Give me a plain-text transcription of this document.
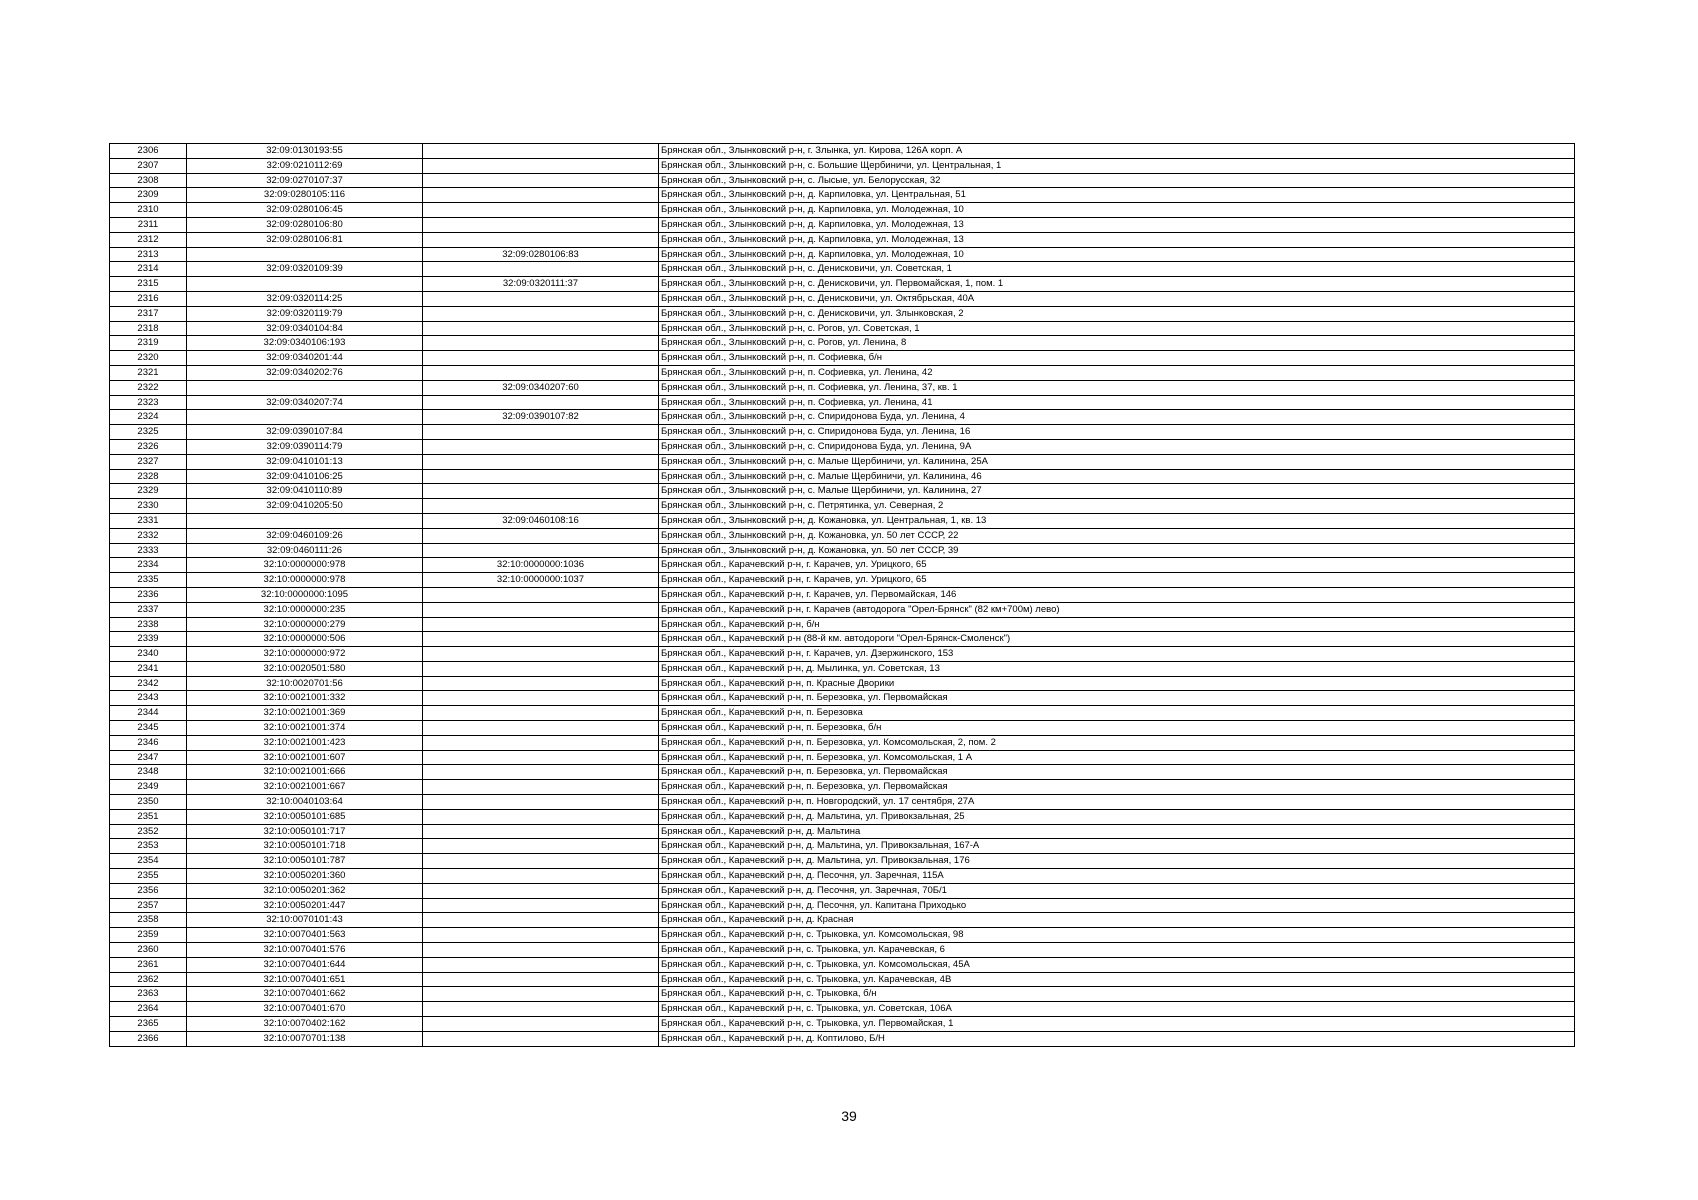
2306	32:09:0130193:55		Брянская обл., Злынковский р-н, г. Злынка, ул. Кирова, 126А корп. А
2307	32:09:0210112:69		Брянская обл., Злынковский р-н, с. Большие Щербиничи, ул. Центральная, 1
2308	32:09:0270107:37		Брянская обл., Злынковский р-н, с. Лысые, ул. Белорусская, 32
2309	32:09:0280105:116		Брянская обл., Злынковский р-н, д. Карпиловка, ул. Центральная, 51
2310	32:09:0280106:45		Брянская обл., Злынковский р-н, д. Карпиловка, ул. Молодежная, 10
2311	32:09:0280106:80		Брянская обл., Злынковский р-н, д. Карпиловка, ул. Молодежная, 13
2312	32:09:0280106:81		Брянская обл., Злынковский р-н, д. Карпиловка, ул. Молодежная, 13
2313		32:09:0280106:83	Брянская обл., Злынковский р-н, д. Карпиловка, ул. Молодежная, 10
2314	32:09:0320109:39		Брянская обл., Злынковский р-н, с. Денисковичи, ул. Советская, 1
2315		32:09:0320111:37	Брянская обл., Злынковский р-н, с. Денисковичи, ул. Первомайская, 1, пом. 1
2316	32:09:0320114:25		Брянская обл., Злынковский р-н, с. Денисковичи, ул. Октябрьская, 40А
2317	32:09:0320119:79		Брянская обл., Злынковский р-н, с. Денисковичи, ул. Злынковская, 2
2318	32:09:0340104:84		Брянская обл., Злынковский р-н, с. Рогов, ул. Советская, 1
2319	32:09:0340106:193		Брянская обл., Злынковский р-н, с. Рогов, ул. Ленина, 8
2320	32:09:0340201:44		Брянская обл., Злынковский р-н, п. Софиевка, б/н
2321	32:09:0340202:76		Брянская обл., Злынковский р-н, п. Софиевка, ул. Ленина, 42
2322		32:09:0340207:60	Брянская обл., Злынковский р-н, п. Софиевка, ул. Ленина, 37, кв. 1
2323	32:09:0340207:74		Брянская обл., Злынковский р-н, п. Софиевка, ул. Ленина, 41
2324		32:09:0390107:82	Брянская обл., Злынковский р-н, с. Спиридонова Буда, ул. Ленина, 4
2325	32:09:0390107:84		Брянская обл., Злынковский р-н, с. Спиридонова Буда, ул. Ленина, 16
2326	32:09:0390114:79		Брянская обл., Злынковский р-н, с. Спиридонова Буда, ул. Ленина, 9А
2327	32:09:0410101:13		Брянская обл., Злынковский р-н, с. Малые Щербиничи, ул. Калинина, 25А
2328	32:09:0410106:25		Брянская обл., Злынковский р-н, с. Малые Щербиничи, ул. Калинина, 46
2329	32:09:0410110:89		Брянская обл., Злынковский р-н, с. Малые Щербиничи, ул. Калинина, 27
2330	32:09:0410205:50		Брянская обл., Злынковский р-н, с. Петрятинка, ул. Северная, 2
2331		32:09:0460108:16	Брянская обл., Злынковский р-н, д. Кожановка, ул. Центральная, 1, кв. 13
2332	32:09:0460109:26		Брянская обл., Злынковский р-н, д. Кожановка, ул. 50 лет СССР, 22
2333	32:09:0460111:26		Брянская обл., Злынковский р-н, д. Кожановка, ул. 50 лет СССР, 39
2334	32:10:0000000:978	32:10:0000000:1036	Брянская обл., Карачевский р-н, г. Карачев, ул. Урицкого, 65
2335	32:10:0000000:978	32:10:0000000:1037	Брянская обл., Карачевский р-н, г. Карачев, ул. Урицкого, 65
2336	32:10:0000000:1095		Брянская обл., Карачевский р-н, г. Карачев, ул. Первомайская, 146
2337	32:10:0000000:235		Брянская обл., Карачевский р-н, г. Карачев (автодорога "Орел-Брянск" (82 км+700м) лево)
2338	32:10:0000000:279		Брянская обл., Карачевский р-н, б/н
2339	32:10:0000000:506		Брянская обл., Карачевский р-н (88-й км. автодороги "Орел-Брянск-Смоленск")
2340	32:10:0000000:972		Брянская обл., Карачевский р-н, г. Карачев, ул. Дзержинского, 153
2341	32:10:0020501:580		Брянская обл., Карачевский р-н, д. Мылинка, ул. Советская, 13
2342	32:10:0020701:56		Брянская обл., Карачевский р-н, п. Красные Дворики
2343	32:10:0021001:332		Брянская обл., Карачевский р-н, п. Березовка, ул. Первомайская
2344	32:10:0021001:369		Брянская обл., Карачевский р-н, п. Березовка
2345	32:10:0021001:374		Брянская обл., Карачевский р-н, п. Березовка, б/н
2346	32:10:0021001:423		Брянская обл., Карачевский р-н, п. Березовка, ул. Комсомольская, 2, пом. 2
2347	32:10:0021001:607		Брянская обл., Карачевский р-н, п. Березовка, ул. Комсомольская, 1 А
2348	32:10:0021001:666		Брянская обл., Карачевский р-н, п. Березовка, ул. Первомайская
2349	32:10:0021001:667		Брянская обл., Карачевский р-н, п. Березовка, ул. Первомайская
2350	32:10:0040103:64		Брянская обл., Карачевский р-н, п. Новгородский, ул. 17 сентября, 27А
2351	32:10:0050101:685		Брянская обл., Карачевский р-н, д. Мальтина, ул. Привокзальная, 25
2352	32:10:0050101:717		Брянская обл., Карачевский р-н, д. Мальтина
2353	32:10:0050101:718		Брянская обл., Карачевский р-н, д. Мальтина, ул. Привокзальная, 167-А
2354	32:10:0050101:787		Брянская обл., Карачевский р-н, д. Мальтина, ул. Привокзальная, 176
2355	32:10:0050201:360		Брянская обл., Карачевский р-н, д. Песочня, ул. Заречная, 115А
2356	32:10:0050201:362		Брянская обл., Карачевский р-н, д. Песочня, ул. Заречная, 70Б/1
2357	32:10:0050201:447		Брянская обл., Карачевский р-н, д. Песочня, ул. Капитана Приходько
2358	32:10:0070101:43		Брянская обл., Карачевский р-н, д. Красная
2359	32:10:0070401:563		Брянская обл., Карачевский р-н, с. Трыковка, ул. Комсомольская, 98
2360	32:10:0070401:576		Брянская обл., Карачевский р-н, с. Трыковка, ул. Карачевская, 6
2361	32:10:0070401:644		Брянская обл., Карачевский р-н, с. Трыковка, ул. Комсомольская, 45А
2362	32:10:0070401:651		Брянская обл., Карачевский р-н, с. Трыковка, ул. Карачевская, 4В
2363	32:10:0070401:662		Брянская обл., Карачевский р-н, с. Трыковка, б/н
2364	32:10:0070401:670		Брянская обл., Карачевский р-н, с. Трыковка, ул. Советская, 106А
2365	32:10:0070402:162		Брянская обл., Карачевский р-н, с. Трыковка, ул. Первомайская, 1
2366	32:10:0070701:138		Брянская обл., Карачевский р-н, д. Коптилово, Б/Н
39
